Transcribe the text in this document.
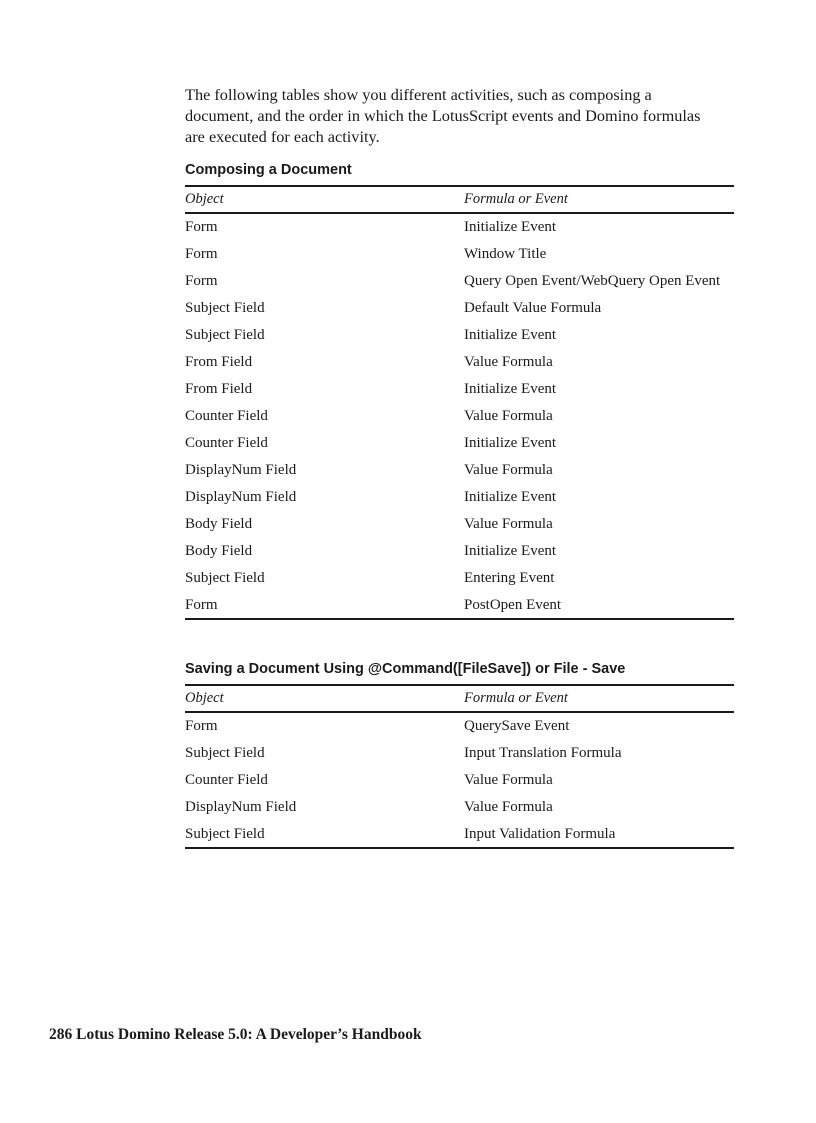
The following tables show you different activities, such as composing a document, and the order in which the LotusScript events and Domino formulas are executed for each activity.

Composing a Document
Object	Formula or Event
Form	Initialize Event
Form	Window Title
Form	Query Open Event/WebQuery Open Event
Subject Field	Default Value Formula
Subject Field	Initialize Event
From Field	Value Formula
From Field	Initialize Event
Counter Field	Value Formula
Counter Field	Initialize Event
DisplayNum Field	Value Formula
DisplayNum Field	Initialize Event
Body Field	Value Formula
Body Field	Initialize Event
Subject Field	Entering Event
Form	PostOpen Event
Saving a Document Using @Command([FileSave]) or File - Save
Object	Formula or Event
Form	QuerySave Event
Subject Field	Input Translation Formula
Counter Field	Value Formula
DisplayNum Field	Value Formula
Subject Field	Input Validation Formula

286 Lotus Domino Release 5.0: A Developer’s Handbook
